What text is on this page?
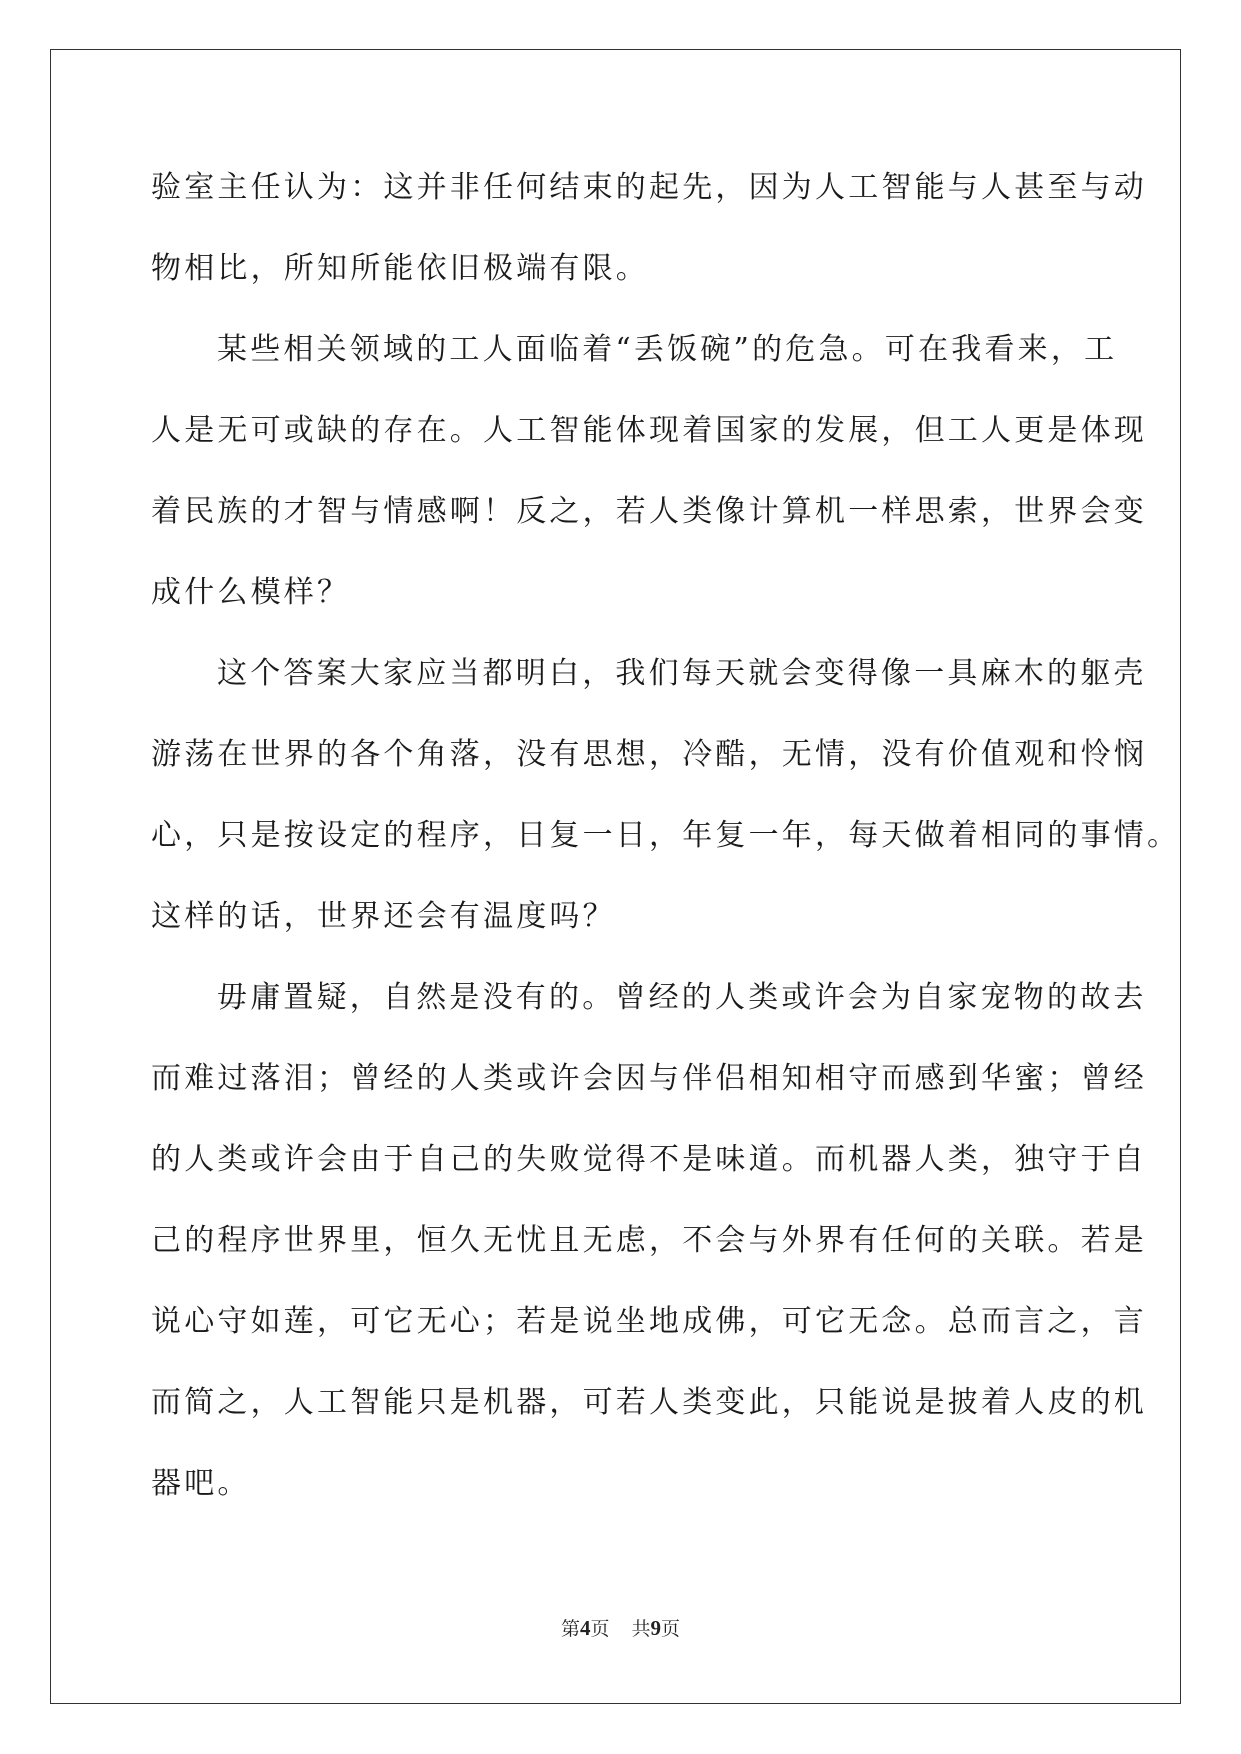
验室主任认为：这并非任何结束的起先，因为人工智能与人甚至与动
物相比，所知所能依旧极端有限。
某些相关领域的工人面临着“丢饭碗”的危急。可在我看来，工
人是无可或缺的存在。人工智能体现着国家的发展，但工人更是体现
着民族的才智与情感啊！反之，若人类像计算机一样思索，世界会变
成什么模样？
这个答案大家应当都明白，我们每天就会变得像一具麻木的躯壳
游荡在世界的各个角落，没有思想，冷酷，无情，没有价值观和怜悯
心，只是按设定的程序，日复一日，年复一年，每天做着相同的事情。
这样的话，世界还会有温度吗？
毋庸置疑，自然是没有的。曾经的人类或许会为自家宠物的故去
而难过落泪；曾经的人类或许会因与伴侣相知相守而感到华蜜；曾经
的人类或许会由于自己的失败觉得不是味道。而机器人类，独守于自
己的程序世界里，恒久无忧且无虑，不会与外界有任何的关联。若是
说心守如莲，可它无心；若是说坐地成佛，可它无念。总而言之，言
而简之，人工智能只是机器，可若人类变此，只能说是披着人皮的机
器吧。
第4页 共9页
